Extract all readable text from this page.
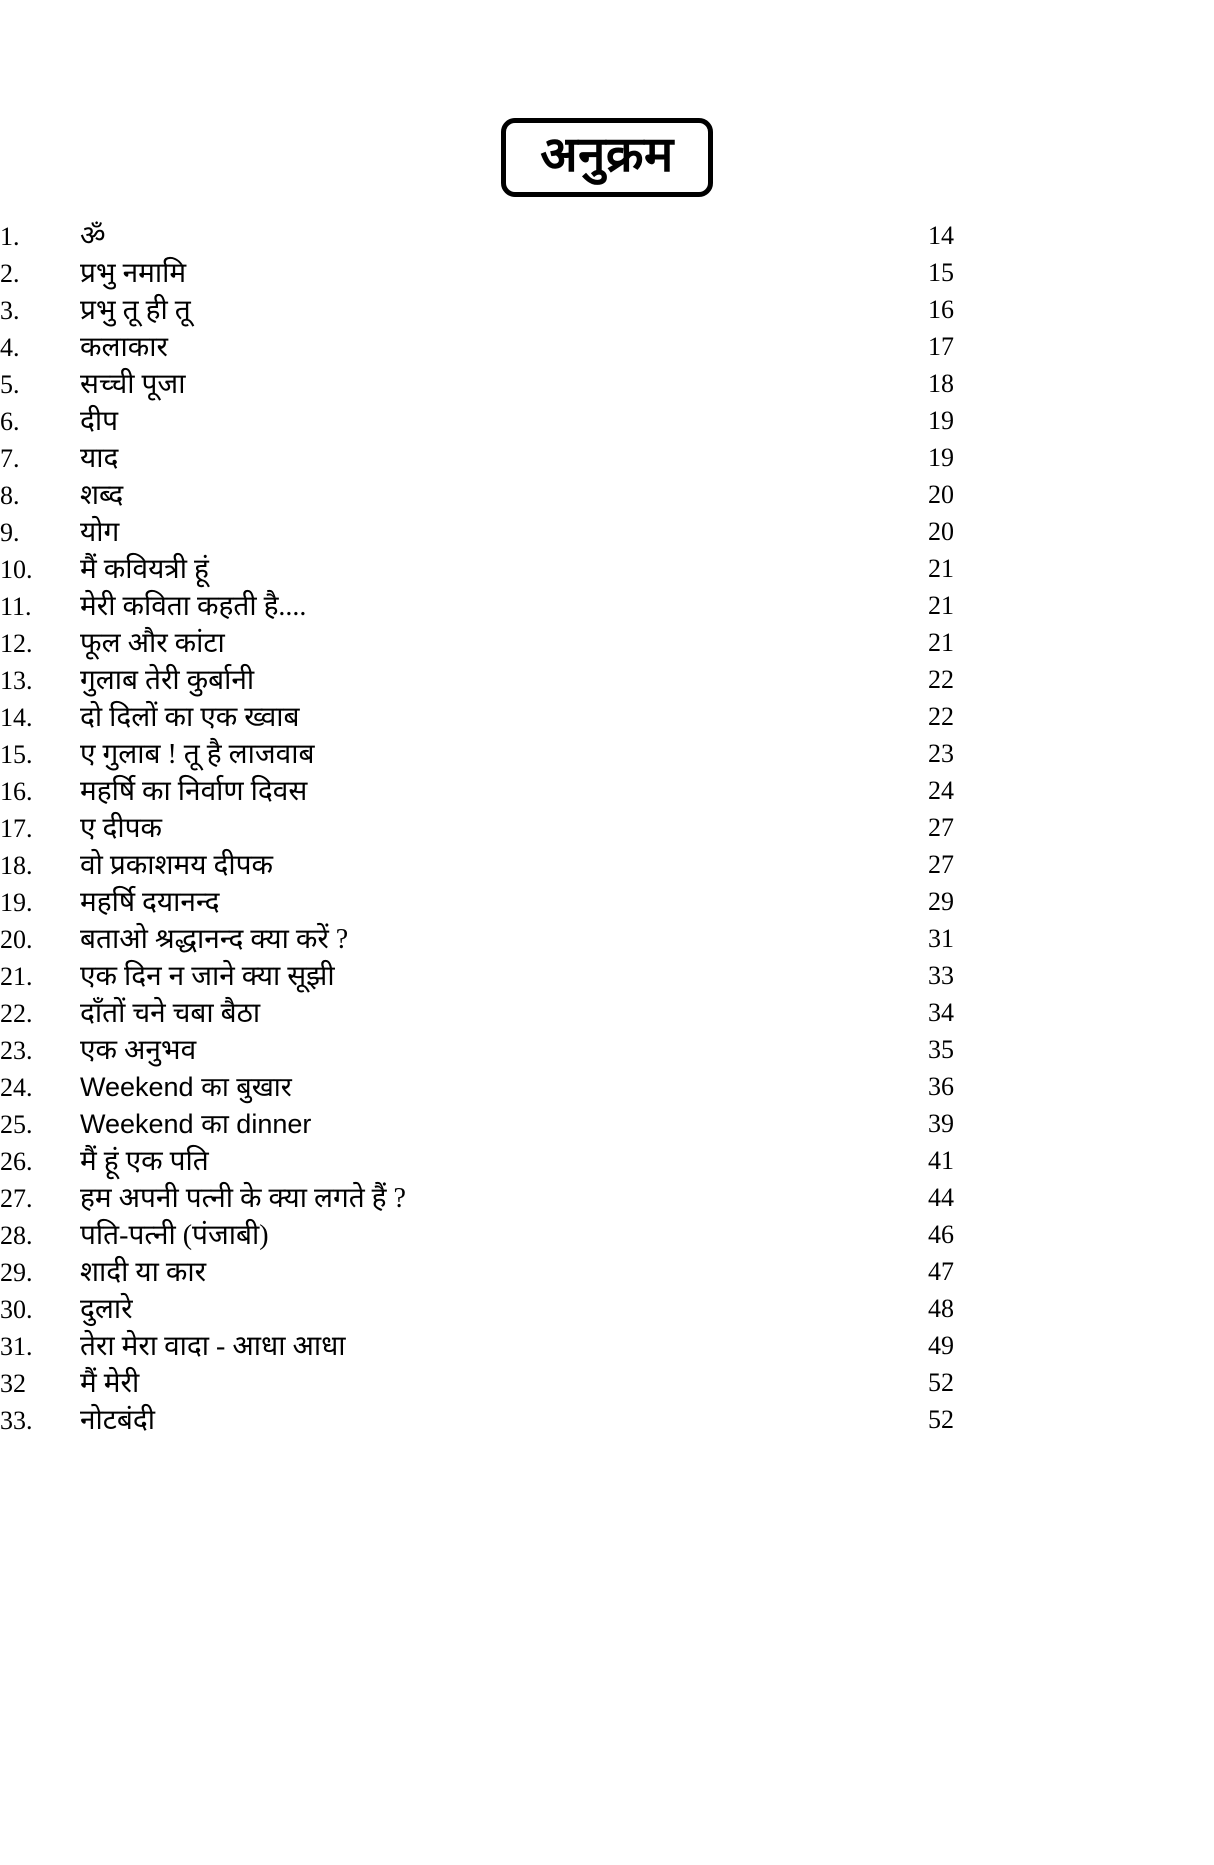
अनुक्रम
1. ॐ	14
2. प्रभु नमामि	15
3. प्रभु तू ही तू	16
4. कलाकार	17
5. सच्ची पूजा	18
6. दीप	19
7. याद	19
8. शब्द	20
9. योग	20
10. मैं कवियत्री हूं	21
11. मेरी कविता कहती है....	21
12. फूल और कांटा	21
13. गुलाब तेरी कुर्बानी	22
14. दो दिलों का एक ख्वाब	22
15. ए गुलाब ! तू है लाजवाब	23
16. महर्षि का निर्वाण दिवस	24
17. ए दीपक	27
18. वो प्रकाशमय दीपक	27
19. महर्षि दयानन्द	29
20. बताओ श्रद्धानन्द क्या करें ?	31
21. एक दिन न जाने क्या सूझी	33
22. दाँतों चने चबा बैठा	34
23. एक अनुभव	35
24. Weekend का बुखार	36
25. Weekend का dinner	39
26. मैं हूं एक पति	41
27. हम अपनी पत्नी के क्या लगते हैं ?	44
28. पति-पत्नी (पंजाबी)	46
29. शादी या कार	47
30. दुलारे	48
31. तेरा मेरा वादा - आधा आधा	49
32 मैं मेरी	52
33. नोटबंदी	52
